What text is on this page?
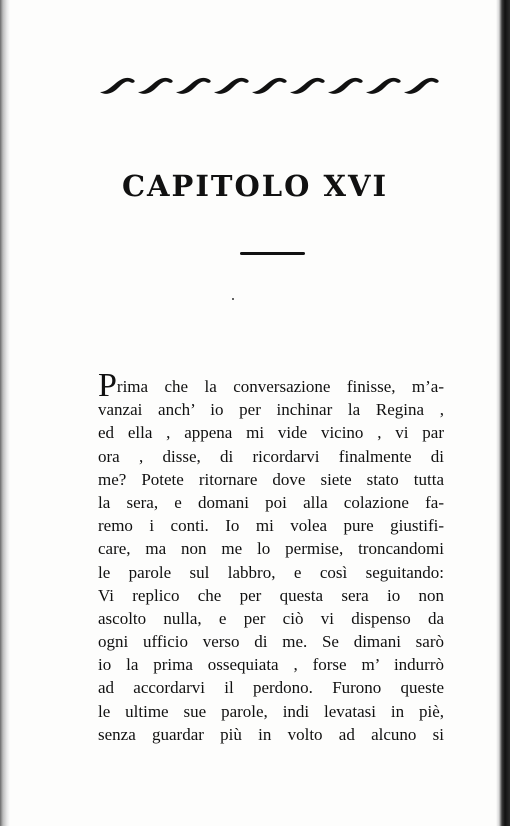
CAPITOLO XVI
Prima che la conversazione finisse, m’a-
vanzai anch’ io per inchinar la Regina ,
ed ella , appena mi vide vicino , vi par
ora , disse, di ricordarvi finalmente di
me? Potete ritornare dove siete stato tutta
la sera, e domani poi alla colazione fa-
remo i conti. Io mi volea pure giustifi-
care, ma non me lo permise, troncandomi
le parole sul labbro, e così seguitando:
Vi replico che per questa sera io non
ascolto nulla, e per ciò vi dispenso da
ogni ufficio verso di me. Se dimani sarò
io la prima ossequiata , forse m’ indurrò
ad accordarvi il perdono. Furono queste
le ultime sue parole, indi levatasi in piè,
senza guardar più in volto ad alcuno si
